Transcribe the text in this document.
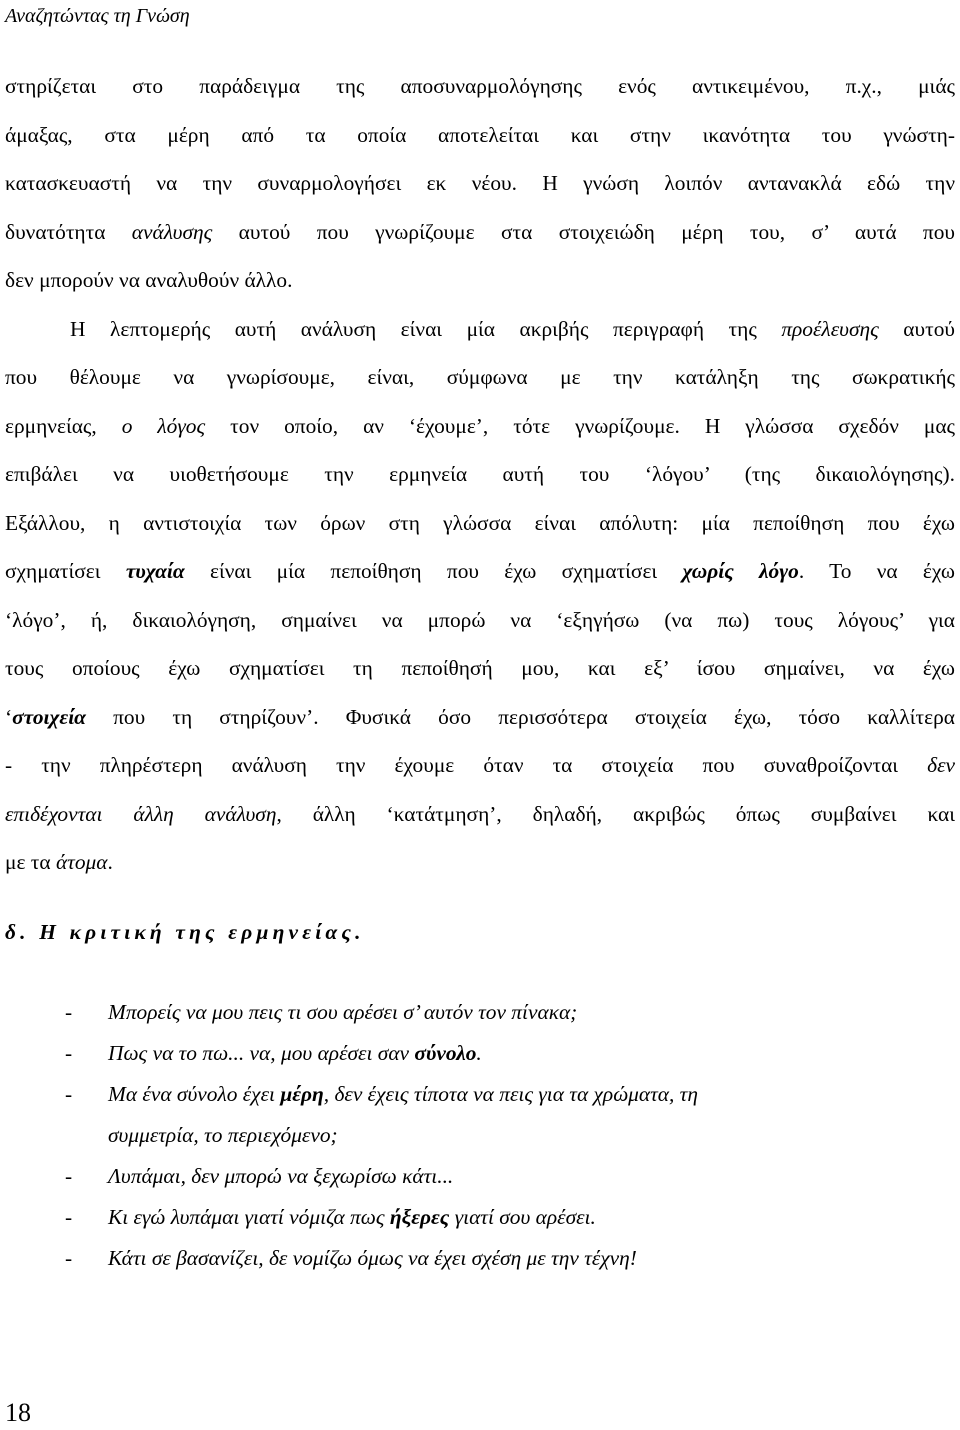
Αναζητώντας τη Γνώση
στηρίζεται στο παράδειγμα της αποσυναρμολόγησης ενός αντικειμένου, π.χ., μιάς
άμαξας, στα μέρη από τα οποία αποτελείται και στην ικανότητα του γνώστη-
κατασκευαστή να την συναρμολογήσει εκ νέου. Η γνώση λοιπόν αντανακλά εδώ την
δυνατότητα ανάλυσης αυτού που γνωρίζουμε στα στοιχειώδη μέρη του, σ’ αυτά που
δεν μπορούν να αναλυθούν άλλο.
Η λεπτομερής αυτή ανάλυση είναι μία ακριβής περιγραφή της προέλευσης αυτού
που θέλουμε να γνωρίσουμε, είναι, σύμφωνα με την κατάληξη της σωκρατικής
ερμηνείας, ο λόγος τον οποίο, αν ‘έχουμε’, τότε γνωρίζουμε. Η γλώσσα σχεδόν μας
επιβάλει να υιοθετήσουμε την ερμηνεία αυτή του ‘λόγου’ (της δικαιολόγησης).
Εξάλλου, η αντιστοιχία των όρων στη γλώσσα είναι απόλυτη: μία πεποίθηση που έχω
σχηματίσει τυχαία είναι μία πεποίθηση που έχω σχηματίσει χωρίς λόγο. Το να έχω
‘λόγο’, ή, δικαιολόγηση, σημαίνει να μπορώ να ‘εξηγήσω (να πω) τους λόγους’ για
τους οποίους έχω σχηματίσει τη πεποίθησή μου, και εξ’ ίσου σημαίνει, να έχω
‘στοιχεία που τη στηρίζουν’. Φυσικά όσο περισσότερα στοιχεία έχω, τόσο καλλίτερα
- την πληρέστερη ανάλυση την έχουμε όταν τα στοιχεία που συναθροίζονται δεν
επιδέχονται άλλη ανάλυση, άλλη ‘κατάτμηση’, δηλαδή, ακριβώς όπως συμβαίνει και
με τα άτομα.
δ. Η κριτική της ερμηνείας.
- Μπορείς να μου πεις τι σου αρέσει σ’ αυτόν τον πίνακα;
- Πως να το πω... να, μου αρέσει σαν σύνολο.
- Μα ένα σύνολο έχει μέρη, δεν έχεις τίποτα να πεις για τα χρώματα, τη
συμμετρία, το περιεχόμενο;
- Λυπάμαι, δεν μπορώ να ξεχωρίσω κάτι...
- Κι εγώ λυπάμαι γιατί νόμιζα πως ήξερες γιατί σου αρέσει.
- Κάτι σε βασανίζει, δε νομίζω όμως να έχει σχέση με την τέχνη!
18
